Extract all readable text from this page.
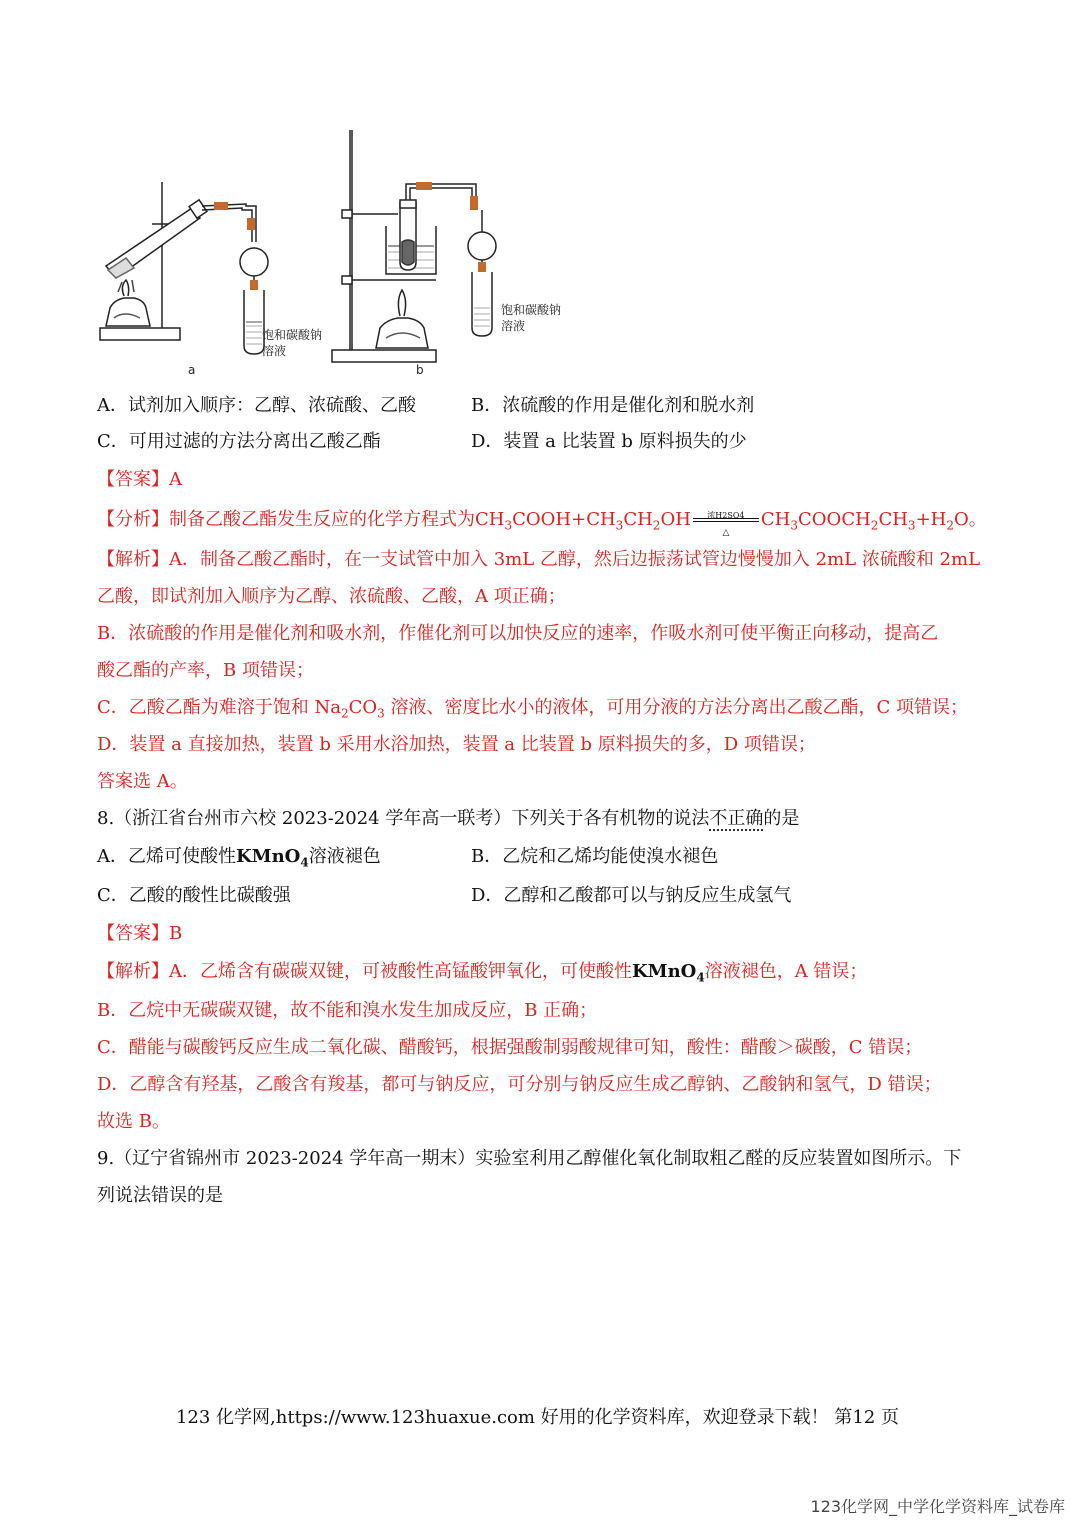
饱和碳酸钠
溶液
a
饱和碳酸钠
溶液
b
A．试剂加入顺序：乙醇、浓硫酸、乙酸	B．浓硫酸的作用是催化剂和脱水剂
C．可用过滤的方法分离出乙酸乙酯	D．装置 a 比装置 b 原料损失的少
【答案】A
【分析】制备乙酸乙酯发生反应的化学方程式为$CH_3COOH+CH_3CH_2OH$	浓H2SO4
△
$CH_3COOCH_2CH_3+H_2O$。
【解析】A．制备乙酸乙酯时，在一支试管中加入 3mL 乙醇，然后边振荡试管边慢慢加入 2mL 浓硫酸和 2mL
乙酸，即试剂加入顺序为乙醇、浓硫酸、乙酸，A 项正确；
B．浓硫酸的作用是催化剂和吸水剂，作催化剂可以加快反应的速率，作吸水剂可使平衡正向移动，提高乙
酸乙酯的产率，B 项错误；
C．乙酸乙酯为难溶于饱和 $Na_2CO_3$ 溶液、密度比水小的液体，可用分液的方法分离出乙酸乙酯，C 项错误；
D．装置 a 直接加热，装置 b 采用水浴加热，装置 a 比装置 b 原料损失的多，D 项错误；
答案选 A。
8.（浙江省台州市六校 2023-2024 学年高一联考）下列关于各有机物的说法不正确的是
A．乙烯可使酸性KMnO$_4$溶液褪色	B．乙烷和乙烯均能使溴水褪色
C．乙酸的酸性比碳酸强	D．乙醇和乙酸都可以与钠反应生成氢气
【答案】B
【解析】A．乙烯含有碳碳双键，可被酸性高锰酸钾氧化，可使酸性KMnO$_4$溶液褪色，A 错误；
B．乙烷中无碳碳双键，故不能和溴水发生加成反应，B 正确；
C．醋能与碳酸钙反应生成二氧化碳、醋酸钙，根据强酸制弱酸规律可知，酸性：醋酸＞碳酸，C 错误；
D．乙醇含有羟基，乙酸含有羧基，都可与钠反应，可分别与钠反应生成乙醇钠、乙酸钠和氢气，D 错误；
故选 B。
9.（辽宁省锦州市 2023-2024 学年高一期末）实验室利用乙醇催化氧化制取粗乙醛的反应装置如图所示。下
列说法错误的是
123 化学网,https://www.123huaxue.com 好用的化学资料库，欢迎登录下载！ 第12 页
123化学网_中学化学资料库_试卷库
